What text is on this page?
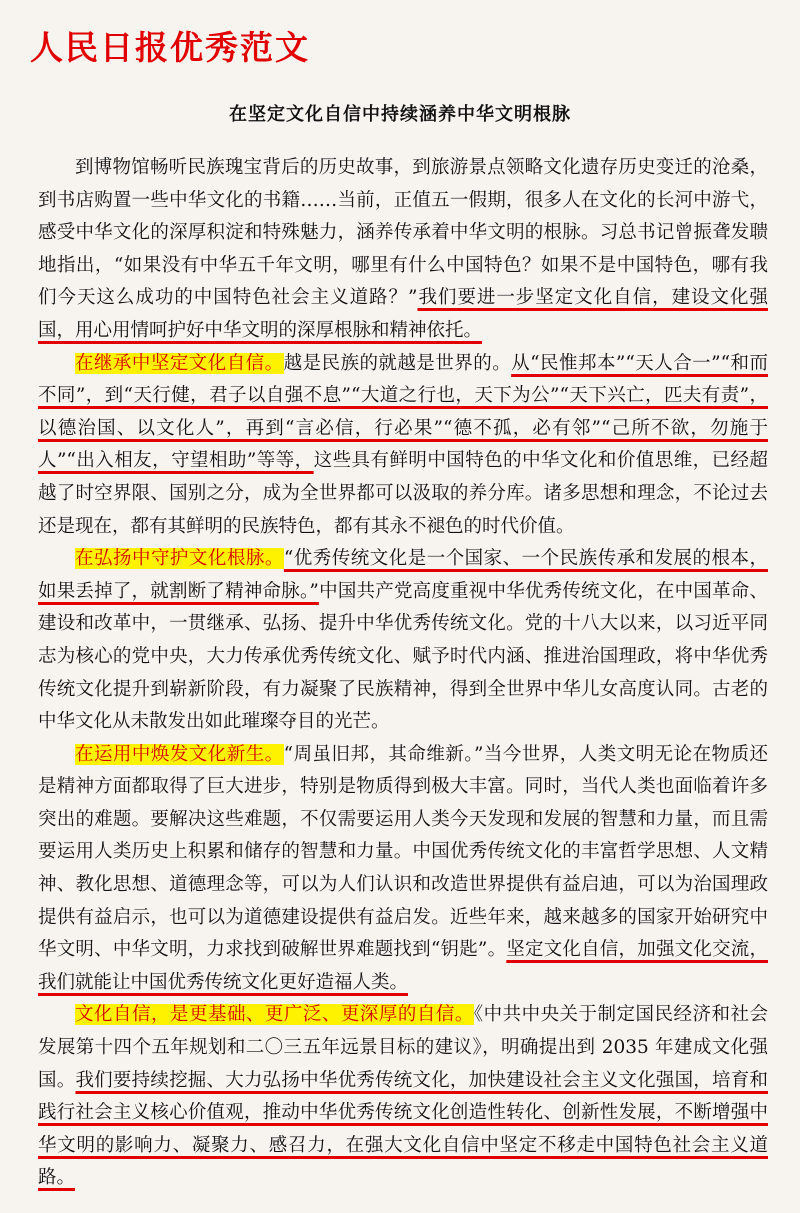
人民日报优秀范文
在坚定文化自信中持续涵养中华文明根脉

到博物馆畅听民族瑰宝背后的历史故事，到旅游景点领略文化遗存历史变迁的沧桑，到书店购置一些中华文化的书籍……当前，正值五一假期，很多人在文化的长河中游弋，感受中华文化的深厚积淀和特殊魅力，涵养传承着中华文明的根脉。习总书记曾振聋发聩地指出，“如果没有中华五千年文明，哪里有什么中国特色？如果不是中国特色，哪有我们今天这么成功的中国特色社会主义道路？”我们要进一步坚定文化自信，建设文化强国，用心用情呵护好中华文明的深厚根脉和精神依托。

在继承中坚定文化自信。越是民族的就越是世界的。从“民惟邦本”“天人合一”“和而不同”，到“天行健，君子以自强不息”“大道之行也，天下为公”“天下兴亡，匹夫有责”，以德治国、以文化人”，再到“言必信，行必果”“德不孤，必有邻”“己所不欲，勿施于人”“出入相友，守望相助”等等，这些具有鲜明中国特色的中华文化和价值思维，已经超越了时空界限、国别之分，成为全世界都可以汲取的养分库。诸多思想和理念，不论过去还是现在，都有其鲜明的民族特色，都有其永不褪色的时代价值。

在弘扬中守护文化根脉。“优秀传统文化是一个国家、一个民族传承和发展的根本，如果丢掉了，就割断了精神命脉。”中国共产党高度重视中华优秀传统文化，在中国革命、建设和改革中，一贯继承、弘扬、提升中华优秀传统文化。党的十八大以来，以习近平同志为核心的党中央，大力传承优秀传统文化、赋予时代内涵、推进治国理政，将中华优秀传统文化提升到崭新阶段，有力凝聚了民族精神，得到全世界中华儿女高度认同。古老的中华文化从未散发出如此璀璨夺目的光芒。

在运用中焕发文化新生。“周虽旧邦，其命维新。”当今世界，人类文明无论在物质还是精神方面都取得了巨大进步，特别是物质得到极大丰富。同时，当代人类也面临着许多突出的难题。要解决这些难题，不仅需要运用人类今天发现和发展的智慧和力量，而且需要运用人类历史上积累和储存的智慧和力量。中国优秀传统文化的丰富哲学思想、人文精神、教化思想、道德理念等，可以为人们认识和改造世界提供有益启迪，可以为治国理政提供有益启示，也可以为道德建设提供有益启发。近些年来，越来越多的国家开始研究中华文明、中华文明，力求找到破解世界难题找到“钥匙”。坚定文化自信，加强文化交流，我们就能让中国优秀传统文化更好造福人类。

文化自信，是更基础、更广泛、更深厚的自信。《中共中央关于制定国民经济和社会发展第十四个五年规划和二〇三五年远景目标的建议》，明确提出到 2035 年建成文化强国。我们要持续挖掘、大力弘扬中华优秀传统文化，加快建设社会主义文化强国，培育和践行社会主义核心价值观，推动中华优秀传统文化创造性转化、创新性发展，不断增强中华文明的影响力、凝聚力、感召力，在强大文化自信中坚定不移走中国特色社会主义道路。
